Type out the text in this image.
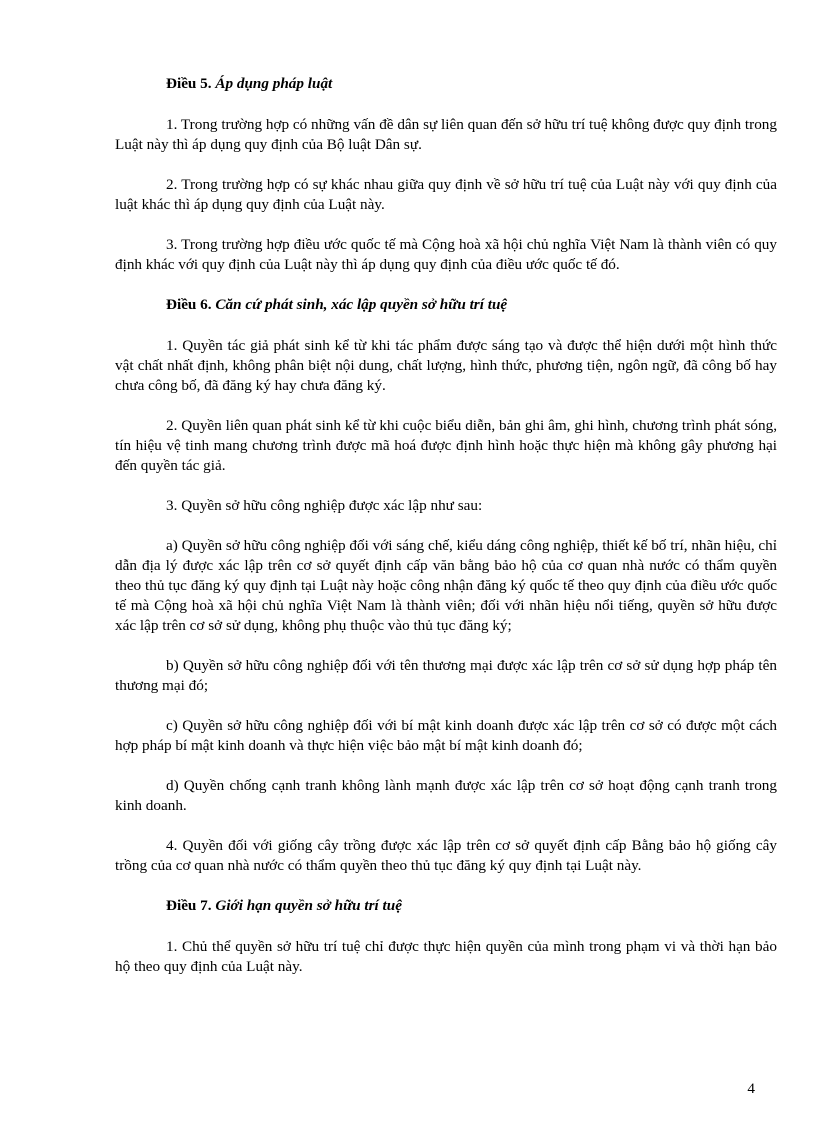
Điều 5. Áp dụng pháp luật

1. Trong trường hợp có những vấn đề dân sự liên quan đến sở hữu trí tuệ không được quy định trong Luật này thì áp dụng quy định của Bộ luật Dân sự.

2. Trong trường hợp có sự khác nhau giữa quy định về sở hữu trí tuệ của Luật này với quy định của luật khác thì áp dụng quy định của Luật này.

3. Trong trường hợp điều ước quốc tế mà Cộng hoà xã hội chủ nghĩa Việt Nam là thành viên có quy định khác với quy định của Luật này thì áp dụng quy định của điều ước quốc tế đó.

Điều 6. Căn cứ phát sinh, xác lập quyền sở hữu trí tuệ

1. Quyền tác giả phát sinh kể từ khi tác phẩm được sáng tạo và được thể hiện dưới một hình thức vật chất nhất định, không phân biệt nội dung, chất lượng, hình thức, phương tiện, ngôn ngữ, đã công bố hay chưa công bố, đã đăng ký hay chưa đăng ký.

2. Quyền liên quan phát sinh kể từ khi cuộc biểu diễn, bản ghi âm, ghi hình, chương trình phát sóng, tín hiệu vệ tinh mang chương trình được mã hoá được định hình hoặc thực hiện mà không gây phương hại đến quyền tác giả.

3. Quyền sở hữu công nghiệp được xác lập như sau:

a) Quyền sở hữu công nghiệp đối với sáng chế, kiểu dáng công nghiệp, thiết kế bố trí, nhãn hiệu, chỉ dẫn địa lý được xác lập trên cơ sở quyết định cấp văn bằng bảo hộ của cơ quan nhà nước có thẩm quyền theo thủ tục đăng ký quy định tại Luật này hoặc công nhận đăng ký quốc tế theo quy định của điều ước quốc tế mà Cộng hoà xã hội chủ nghĩa Việt Nam là thành viên; đối với nhãn hiệu nổi tiếng, quyền sở hữu được xác lập trên cơ sở sử dụng, không phụ thuộc vào thủ tục đăng ký;

b) Quyền sở hữu công nghiệp đối với tên thương mại được xác lập trên cơ sở sử dụng hợp pháp tên thương mại đó;

c) Quyền sở hữu công nghiệp đối với bí mật kinh doanh được xác lập trên cơ sở có được một cách hợp pháp bí mật kinh doanh và thực hiện việc bảo mật bí mật kinh doanh đó;

d) Quyền chống cạnh tranh không lành mạnh được xác lập trên cơ sở hoạt động cạnh tranh trong kinh doanh.

4. Quyền đối với giống cây trồng được xác lập trên cơ sở quyết định cấp Bằng bảo hộ giống cây trồng của cơ quan nhà nước có thẩm quyền theo thủ tục đăng ký quy định tại Luật này.

Điều 7. Giới hạn quyền sở hữu trí tuệ

1. Chủ thể quyền sở hữu trí tuệ chỉ được thực hiện quyền của mình trong phạm vi và thời hạn bảo hộ theo quy định của Luật này.

4
